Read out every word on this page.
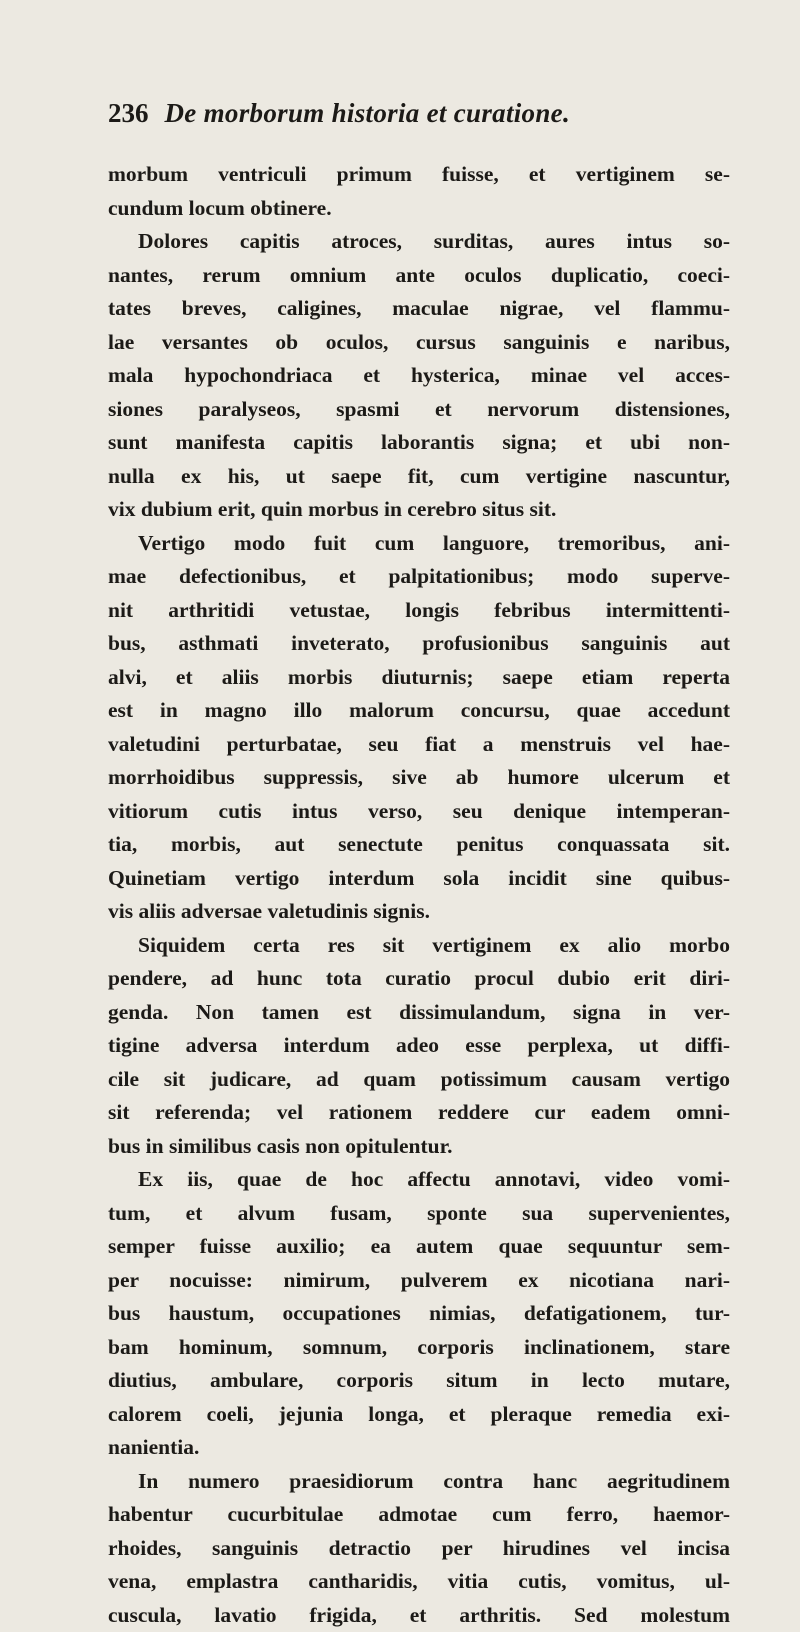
236 De morborum historia et curatione.
morbum ventriculi primum fuisse, et vertiginem se-
cundum locum obtinere.
Dolores capitis atroces, surditas, aures intus so-
nantes, rerum omnium ante oculos duplicatio, coeci-
tates breves, caligines, maculae nigrae, vel flammu-
lae versantes ob oculos, cursus sanguinis e naribus,
mala hypochondriaca et hysterica, minae vel acces-
siones paralyseos, spasmi et nervorum distensiones,
sunt manifesta capitis laborantis signa; et ubi non-
nulla ex his, ut saepe fit, cum vertigine nascuntur,
vix dubium erit, quin morbus in cerebro situs sit.
Vertigo modo fuit cum languore, tremoribus, ani-
mae defectionibus, et palpitationibus; modo superve-
nit arthritidi vetustae, longis febribus intermittenti-
bus, asthmati inveterato, profusionibus sanguinis aut
alvi, et aliis morbis diuturnis; saepe etiam reperta
est in magno illo malorum concursu, quae accedunt
valetudini perturbatae, seu fiat a menstruis vel hae-
morrhoidibus suppressis, sive ab humore ulcerum et
vitiorum cutis intus verso, seu denique intemperan-
tia, morbis, aut senectute penitus conquassata sit.
Quinetiam vertigo interdum sola incidit sine quibus-
vis aliis adversae valetudinis signis.
Siquidem certa res sit vertiginem ex alio morbo
pendere, ad hunc tota curatio procul dubio erit diri-
genda. Non tamen est dissimulandum, signa in ver-
tigine adversa interdum adeo esse perplexa, ut diffi-
cile sit judicare, ad quam potissimum causam vertigo
sit referenda; vel rationem reddere cur eadem omni-
bus in similibus casis non opitulentur.
Ex iis, quae de hoc affectu annotavi, video vomi-
tum, et alvum fusam, sponte sua supervenientes,
semper fuisse auxilio; ea autem quae sequuntur sem-
per nocuisse: nimirum, pulverem ex nicotiana nari-
bus haustum, occupationes nimias, defatigationem, tur-
bam hominum, somnum, corporis inclinationem, stare
diutius, ambulare, corporis situm in lecto mutare,
calorem coeli, jejunia longa, et pleraque remedia exi-
nanientia.
In numero praesidiorum contra hanc aegritudinem
habentur cucurbitulae admotae cum ferro, haemor-
rhoides, sanguinis detractio per hirudines vel incisa
vena, emplastra cantharidis, vitia cutis, vomitus, ul-
cuscula, lavatio frigida, et arthritis. Sed molestum
